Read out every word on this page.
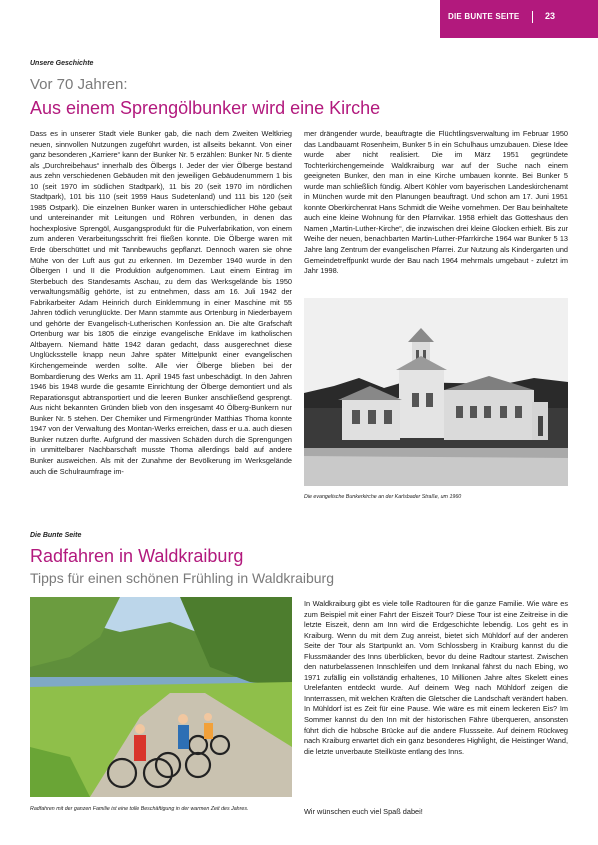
DIE BUNTE SEITE	23
Unsere Geschichte
Vor 70 Jahren:
Aus einem Sprengölbunker wird eine Kirche

Dass es in unserer Stadt viele Bunker gab, die nach dem Zweiten Weltkrieg neuen, sinnvollen Nutzungen zugeführt wurden, ist allseits bekannt. Von einer ganz besonderen „Karriere“ kann der Bunker Nr. 5 erzählen: Bunker Nr. 5 diente als „Durchreibehaus“ innerhalb des Ölbergs I. Jeder der vier Ölberge bestand aus zehn verschiedenen Gebäuden mit den jeweiligen Gebäudenummern 1 bis 10 (seit 1970 im südlichen Stadtpark), 11 bis 20 (seit 1970 im nördlichen Stadtpark), 101 bis 110 (seit 1959 Haus Sudetenland) und 111 bis 120 (seit 1985 Ostpark). Die einzelnen Bunker waren in unterschiedlicher Höhe gebaut und untereinander mit Leitungen und Röhren verbunden, in denen das hochexplosive Sprengöl, Ausgangsprodukt für die Pulverfabrikation, von einem zum anderen Verarbeitungsschritt frei fließen konnte. Die Ölberge waren mit Erde überschüttet und mit Tannbewuchs gepflanzt. Dennoch waren sie ohne Mühe von der Luft aus gut zu erkennen. Im Dezember 1940 wurde in den Ölbergen I und II die Produktion aufgenommen. Laut einem Eintrag im Sterbebuch des Standesamts Aschau, zu dem das Werksgelände bis 1950 verwaltungsmäßig gehörte, ist zu entnehmen, dass am 16. Juli 1942 der Fabrikarbeiter Adam Heinrich durch Einklemmung in einer Maschine mit 55 Jahren tödlich verunglückte. Der Mann stammte aus Ortenburg in Niederbayern und gehörte der Evangelisch-Lutherischen Konfession an. Die alte Grafschaft Ortenburg war bis 1805 die einzige evangelische Enklave im katholischen Altbayern. Niemand hätte 1942 daran gedacht, dass ausgerechnet diese Unglücksstelle knapp neun Jahre später Mittelpunkt einer evangelischen Kirchengemeinde werden sollte. Alle vier Ölberge blieben bei der Bombardierung des Werks am 11. April 1945 fast unbeschädigt. In den Jahren 1946 bis 1948 wurde die gesamte Einrichtung der Ölberge demontiert und als Reparationsgut abtransportiert und die leeren Bunker anschließend gesprengt. Aus nicht bekannten Gründen blieb von den insgesamt 40 Ölberg-Bunkern nur Bunker Nr. 5 stehen. Der Chemiker und Firmengründer Matthias Thoma konnte 1947 von der Verwaltung des Montan-Werks erreichen, dass er u.a. auch diesen Bunker nutzen durfte. Aufgrund der massiven Schäden durch die Sprengungen in unmittelbarer Nachbarschaft musste Thoma allerdings bald auf andere Bunker ausweichen. Als mit der Zunahme der Bevölkerung im Werksgelände auch die Schulraumfrage im-

mer drängender wurde, beauftragte die Flüchtlingsverwaltung im Februar 1950 das Landbauamt Rosenheim, Bunker 5 in ein Schulhaus umzubauen. Diese Idee wurde aber nicht realisiert. Die im März 1951 gegründete Tochterkirchengemeinde Waldkraiburg war auf der Suche nach einem geeigneten Bunker, den man in eine Kirche umbauen konnte. Bei Bunker 5 wurde man schließlich fündig. Albert Köhler vom bayerischen Landeskirchenamt in München wurde mit den Planungen beauftragt. Und schon am 17. Juni 1951 konnte Oberkirchenrat Hans Schmidt die Weihe vornehmen. Der Bau beinhaltete auch eine kleine Wohnung für den Pfarrvikar. 1958 erhielt das Gotteshaus den Namen „Martin-Luther-Kirche“, die inzwischen drei kleine Glocken erhielt. Bis zur Weihe der neuen, benachbarten Martin-Luther-Pfarrkirche 1964 war Bunker 5 13 Jahre lang Zentrum der evangelischen Pfarrei. Zur Nutzung als Kindergarten und Gemeindetreffpunkt wurde der Bau nach 1964 mehrmals umgebaut - zuletzt im Jahr 1998.

Die evangelische Bunkerkirche an der Karlsbader Straße, um 1960
Die Bunte Seite
Radfahren in Waldkraiburg
Tipps für einen schönen Frühling in Waldkraiburg
Radfahren mit der ganzen Familie ist eine tolle Beschäftigung in der warmen Zeit des Jahres.

In Waldkraiburg gibt es viele tolle Radtouren für die ganze Familie. Wie wäre es zum Beispiel mit einer Fahrt der Eiszeit Tour? Diese Tour ist eine Zeitreise in die letzte Eiszeit, denn am Inn wird die Erdgeschichte lebendig. Los geht es in Kraiburg. Wenn du mit dem Zug anreist, bietet sich Mühldorf auf der anderen Seite der Tour als Startpunkt an. Vom Schlossberg in Kraiburg kannst du die Flussmäander des Inns überblicken, bevor du deine Radtour startest. Zwischen den naturbelassenen Innschleifen und dem Innkanal fährst du nach Ebing, wo 1971 zufällig ein vollständig erhaltenes, 10 Millionen Jahre altes Skelett eines Urelefanten entdeckt wurde. Auf deinem Weg nach Mühldorf zeigen die Innterrassen, mit welchen Kräften die Gletscher die Landschaft verändert haben. In Mühldorf ist es Zeit für eine Pause. Wie wäre es mit einem leckeren Eis? Im Sommer kannst du den Inn mit der historischen Fähre überqueren, ansonsten führt dich die hübsche Brücke auf die andere Flussseite. Auf deinem Rückweg nach Kraiburg erwartet dich ein ganz besonderes Highlight, die Heistinger Wand, die letzte unverbaute Steilküste entlang des Inns.

Wir wünschen euch viel Spaß dabei!
